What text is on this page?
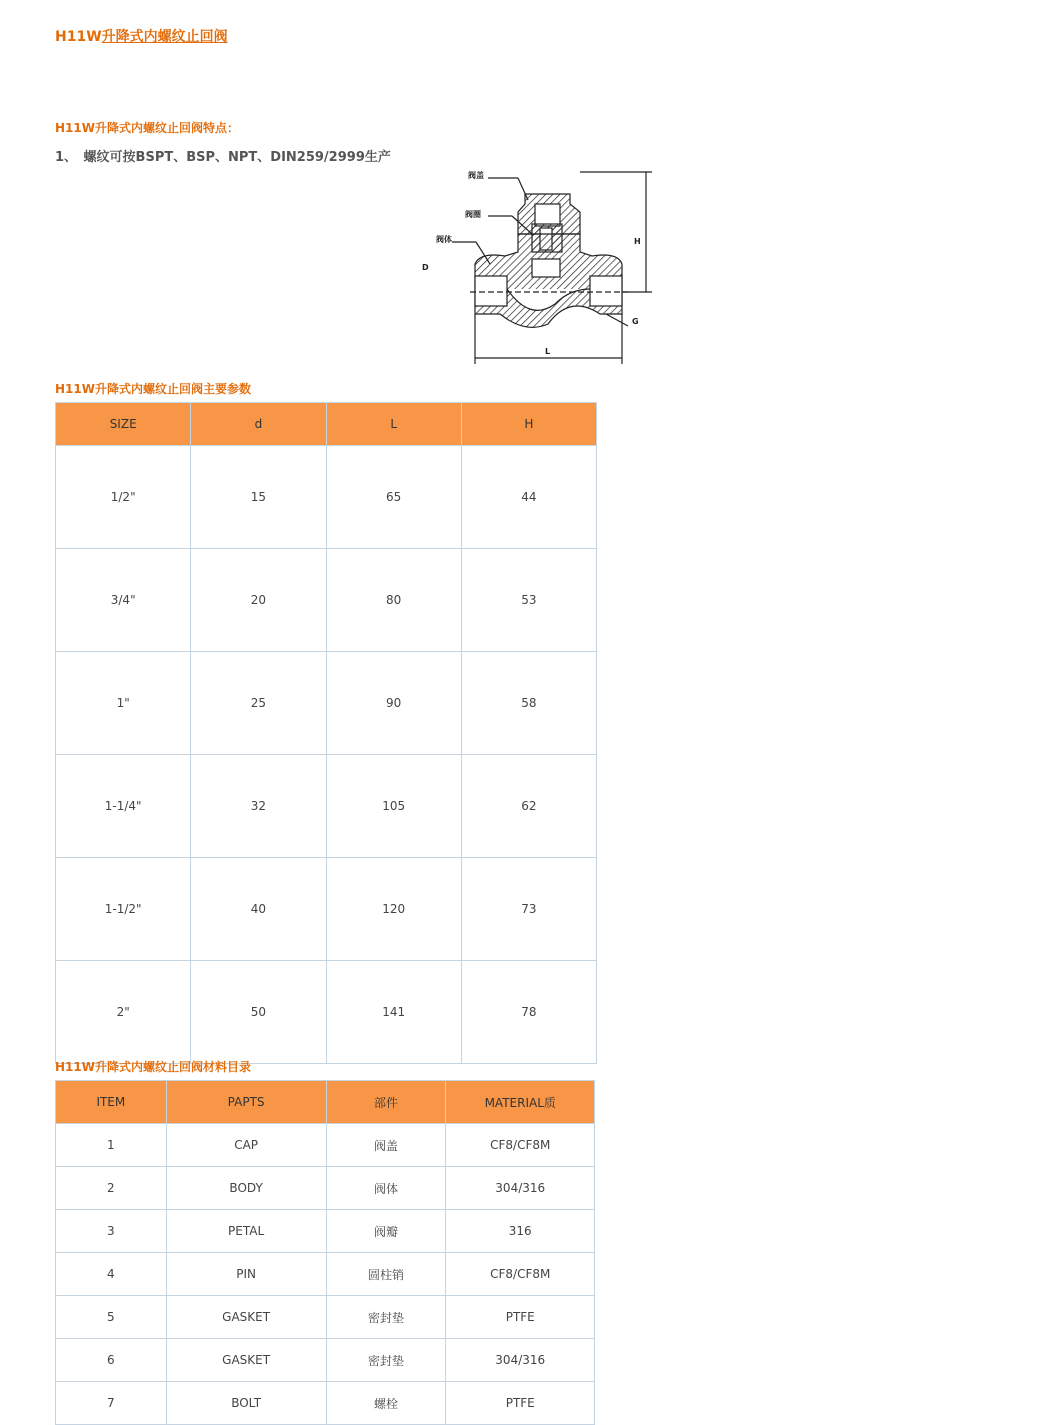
H11W升降式内螺纹止回阀
H11W升降式内螺纹止回阀特点：
1、　螺纹可按BSPT、BSP、NPT、DIN259/2999生产
阀盖
阀圈
阀体	H
L
G
D
H11W升降式内螺纹止回阀主要参数
SIZE	d	L	H
1/2"	15	65	44
3/4"	20	80	53
1"	25	90	58
1-1/4"	32	105	62
1-1/2"	40	120	73
2"	50	141	78
H11W升降式内螺纹止回阀材料目录
ITEM	PAPTS	部件	MATERIAL质
1	CAP	阀盖	CF8/CF8M
2	BODY	阀体	304/316
3	PETAL	阀瓣	316
4	PIN	圆柱销	CF8/CF8M
5	GASKET	密封垫	PTFE
6	GASKET	密封垫	304/316
7	BOLT	螺栓	PTFE
